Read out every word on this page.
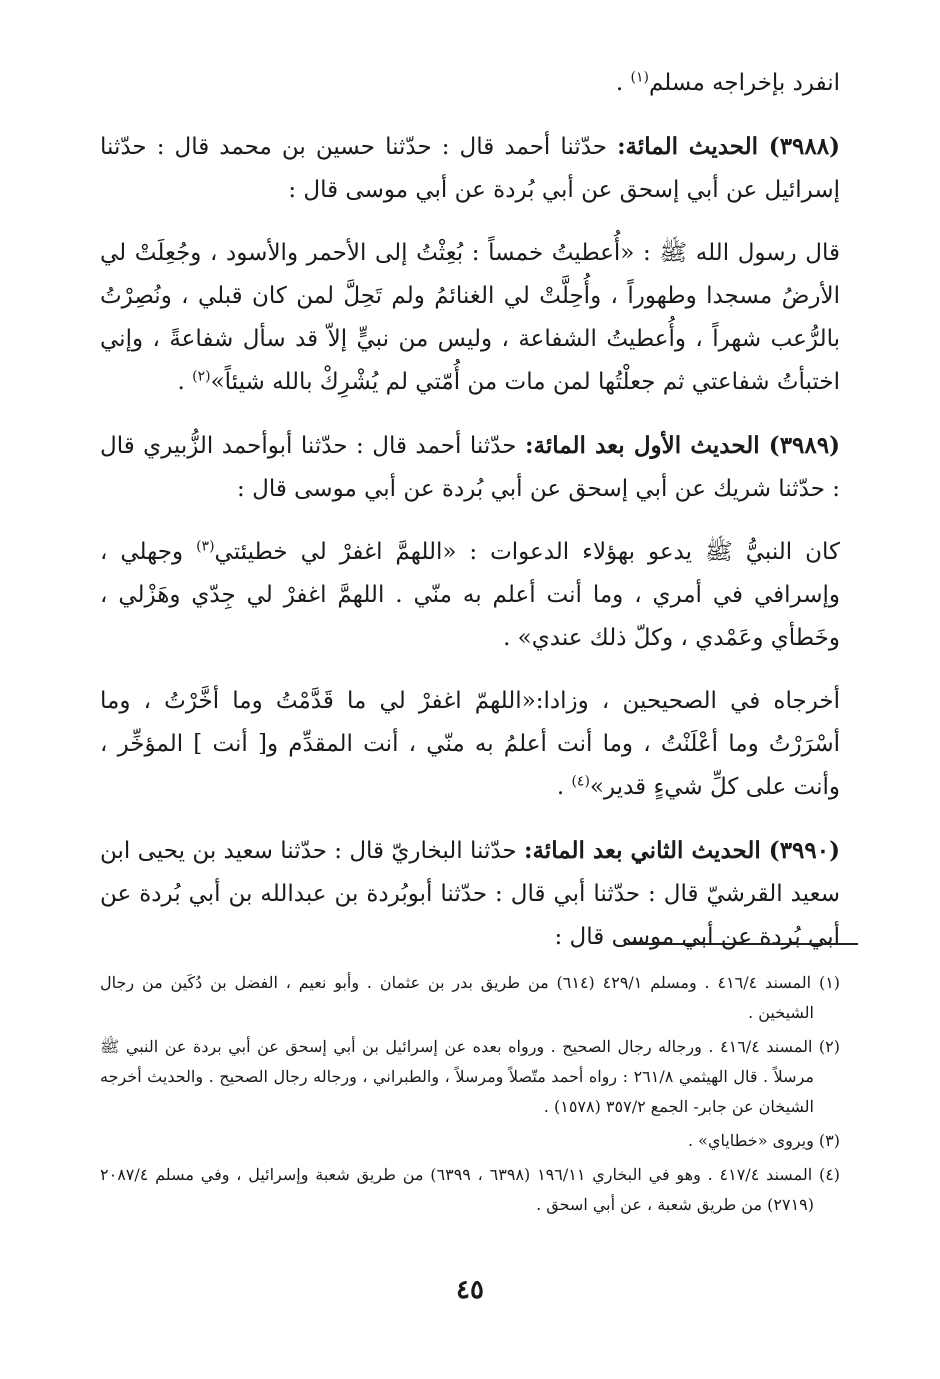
انفرد بإخراجه مسلم$^{(١)}$ .

(٣٩٨٨) الحديث المائة: حدّثنا أحمد قال : حدّثنا حسين بن محمد قال : حدّثنا إسرائيل عن أبي إسحق عن أبي بُردة عن أبي موسى قال :

قال رسول الله ﷺ : «أُعطيتُ خمساً : بُعِثْتُ إلى الأحمر والأسود ، وجُعِلَتْ لي الأرضُ مسجدا وطهوراً ، وأُحِلَّتْ لي الغنائمُ ولم تَحِلَّ لمن كان قبلي ، ونُصِرْتُ بالرُّعب شهراً ، وأُعطيتُ الشفاعة ، وليس من نبيٍّ إلاّ قد سأل شفاعةً ، وإني اختبأتُ شفاعتي ثم جعلْتُها لمن مات من أُمّتي لم يُشْرِكْ بالله شيئاً»$^{(٢)}$ .

(٣٩٨٩) الحديث الأول بعد المائة: حدّثنا أحمد قال : حدّثنا أبوأحمد الزُّبيري قال : حدّثنا شريك عن أبي إسحق عن أبي بُردة عن أبي موسى قال :

كان النبيُّ ﷺ يدعو بهؤلاء الدعوات : «اللهمَّ اغفرْ لي خطيئتي$^{(٣)}$ وجهلي ، وإسرافي في أمري ، وما أنت أعلم به منّي . اللهمَّ اغفرْ لي جِدّي وهَزْلي ، وخَطأي وعَمْدي ، وكلّ ذلك عندي» .

أخرجاه في الصحيحين ، وزادا:«اللهمّ اغفرْ لي ما قَدَّمْتُ وما أخَّرْتُ ، وما أسْرَرْتُ وما أعْلَنْتُ ، وما أنت أعلمُ به منّي ، أنت المقدِّم و[ أنت ] المؤخِّر ، وأنت على كلِّ شيءٍ قدير»$^{(٤)}$ .

(٣٩٩٠) الحديث الثاني بعد المائة: حدّثنا البخاريّ قال : حدّثنا سعيد بن يحيى ابن سعيد القرشيّ قال : حدّثنا أبي قال : حدّثنا أبوبُردة بن عبدالله بن أبي بُردة عن أبي بُردة عن أبي موسى قال :

(١) المسند ٤١٦/٤ . ومسلم ٤٢٩/١ (٦١٤) من طريق بدر بن عثمان . وأبو نعيم ، الفضل بن دُكَين من رجال الشيخين .

(٢) المسند ٤١٦/٤ . ورجاله رجال الصحيح . ورواه بعده عن إسرائيل بن أبي إسحق عن أبي بردة عن النبي ﷺ مرسلاً . قال الهيثمي ٢٦١/٨ : رواه أحمد متّصلاً ومرسلاً ، والطبراني ، ورجاله رجال الصحيح . والحديث أخرجه الشيخان عن جابر- الجمع ٣٥٧/٢ (١٥٧٨) .

(٣) ويروى «خطاياي» .

(٤) المسند ٤١٧/٤ . وهو في البخاري ١٩٦/١١ (٦٣٩٨ ، ٦٣٩٩) من طريق شعبة وإسرائيل ، وفي مسلم ٢٠٨٧/٤ (٢٧١٩) من طريق شعبة ، عن أبي اسحق .

٤٥
